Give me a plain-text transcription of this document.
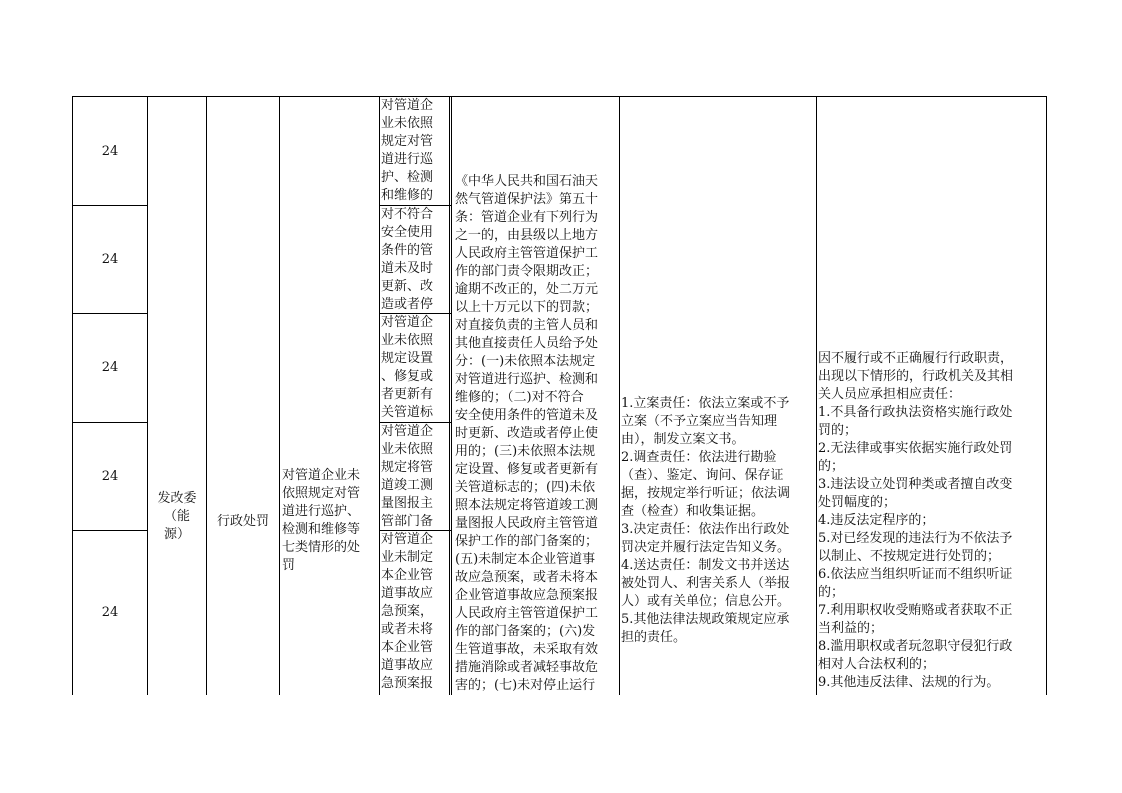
24
24
24
24
24
发改委
（能
源）
行政处罚
对管道企业未
依照规定对管
道进行巡护、
检测和维修等
七类情形的处
罚
对管道企
业未依照
规定对管
道进行巡
护、检测
和维修的
对不符合
安全使用
条件的管
道未及时
更新、改
造或者停
对管道企
业未依照
规定设置
、修复或
者更新有
关管道标
对管道企
业未依照
规定将管
道竣工测
量图报主
管部门备
对管道企
业未制定
本企业管
道事故应
急预案，
或者未将
本企业管
道事故应
急预案报
《中华人民共和国石油天
然气管道保护法》第五十
条：管道企业有下列行为
之一的，由县级以上地方
人民政府主管管道保护工
作的部门责令限期改正；
逾期不改正的，处二万元
以上十万元以下的罚款；
对直接负责的主管人员和
其他直接责任人员给予处
分：(一)未依照本法规定
对管道进行巡护、检测和
维修的；（二)对不符合
安全使用条件的管道未及
时更新、改造或者停止使
用的；(三)未依照本法规
定设置、修复或者更新有
关管道标志的；(四)未依
照本法规定将管道竣工测
量图报人民政府主管管道
保护工作的部门备案的；
(五)未制定本企业管道事
故应急预案，或者未将本
企业管道事故应急预案报
人民政府主管管道保护工
作的部门备案的；(六)发
生管道事故，未采取有效
措施消除或者减轻事故危
害的；(七)未对停止运行
1.立案责任：依法立案或不予
立案（不予立案应当告知理
由），制发立案文书。
2.调查责任：依法进行勘验
（查）、鉴定、询问、保存证
据，按规定举行听证；依法调
查（检查）和收集证据。
3.决定责任：依法作出行政处
罚决定并履行法定告知义务。
4.送达责任：制发文书并送达
被处罚人、利害关系人（举报
人）或有关单位；信息公开。
5.其他法律法规政策规定应承
担的责任。
因不履行或不正确履行行政职责，
出现以下情形的，行政机关及其相
关人员应承担相应责任：
1.不具备行政执法资格实施行政处
罚的；
2.无法律或事实依据实施行政处罚
的；
3.违法设立处罚种类或者擅自改变
处罚幅度的；
4.违反法定程序的；
5.对已经发现的违法行为不依法予
以制止、不按规定进行处罚的；
6.依法应当组织听证而不组织听证
的；
7.利用职权收受贿赂或者获取不正
当利益的；
8.滥用职权或者玩忽职守侵犯行政
相对人合法权利的；
9.其他违反法律、法规的行为。
